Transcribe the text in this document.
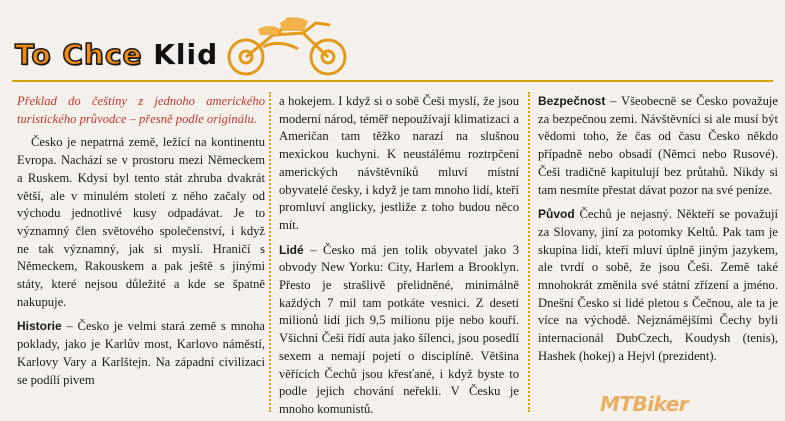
To Chce Klid

Překlad do češtiny z jednoho amerického turistického průvodce – přesně podle originálu.

Česko je nepatrná země, ležící na kontinentu Evropa. Nachází se v prostoru mezi Německem a Ruskem. Kdysi byl tento stát zhruba dvakrát větší, ale v minulém století z něho začaly od východu jednotlivé kusy odpadávat. Je to významný člen světového společenství, i když ne tak významný, jak si myslí. Hraničí s Německem, Rakouskem a pak ještě s jinými státy, které nejsou důležité a kde se špatně nakupuje.

Historie – Česko je velmi stará země s mnoha poklady, jako je Karlův most, Karlovo náměstí, Karlovy Vary a Karlštejn. Na západní civilizaci se podílí pivem

a hokejem. I když si o sobě Češi myslí, že jsou moderní národ, téměř nepoužívají klimatizaci a Američan tam těžko narazí na slušnou mexickou kuchyni. K neustálému roztrpčení amerických návštěvníků mluví místní obyvatelé česky, i když je tam mnoho lidí, kteří promluví anglicky, jestliže z toho budou něco mít.

Lidé – Česko má jen tolik obyvatel jako 3 obvody New Yorku: City, Harlem a Brooklyn. Přesto je strašlivě přelidněné, minimálně každých 7 mil tam potkáte vesnici. Z deseti milionů lidí jich 9,5 milionu pije nebo kouří. Všichni Češi řídí auta jako šílenci, jsou posedlí sexem a nemají pojetí o disciplíně. Většina věřících Čechů jsou křesťané, i když byste to podle jejich chování neřekli. V Česku je mnoho komunistů.

Bezpečnost – Všeobecně se Česko považuje za bezpečnou zemi. Návštěvníci si ale musí být vědomi toho, že čas od času Česko někdo případně nebo obsadí (Němci nebo Rusové). Češi tradičně kapitulují bez průtahů. Nikdy si tam nesmíte přestat dávat pozor na své peníze.

Původ Čechů je nejasný. Někteří se považují za Slovany, jiní za potomky Keltů. Pak tam je skupina lidí, kteří mluví úplně jiným jazykem, ale tvrdí o sobě, že jsou Češi. Země také mnohokrát změnila své státní zřízení a jméno. Dnešní Česko si lidé pletou s Čečnou, ale ta je více na východě. Nejznámějšími Čechy byli internacionál DubCzech, Koudysh (tenis), Hashek (hokej) a Hejvl (prezident).

MTBiker
